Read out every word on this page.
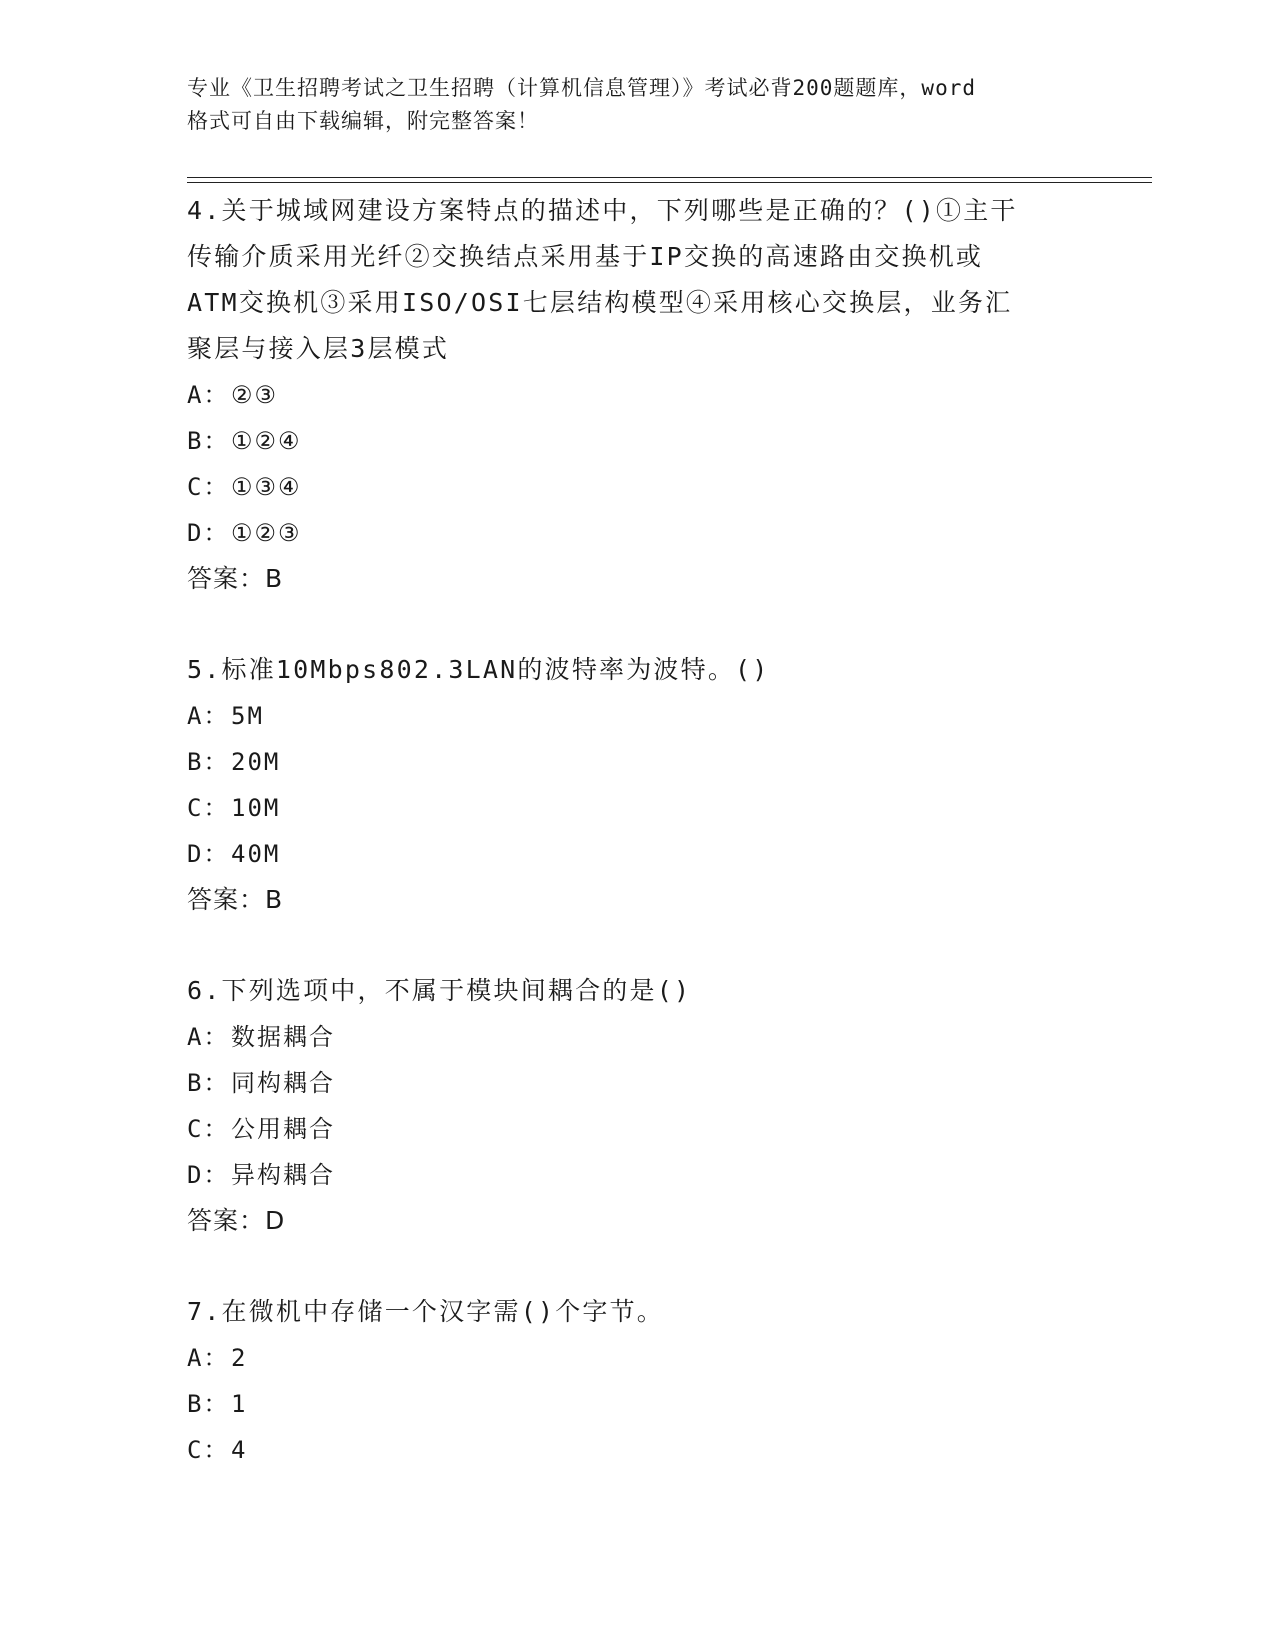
专业《卫生招聘考试之卫生招聘（计算机信息管理）》考试必背200题题库，word
格式可自由下载编辑，附完整答案！
4.关于城域网建设方案特点的描述中，下列哪些是正确的？()①主干
传输介质采用光纤②交换结点采用基于IP交换的高速路由交换机或
ATM交换机③采用ISO/OSI七层结构模型④采用核心交换层，业务汇
聚层与接入层3层模式
A：②③
B：①②④
C：①③④
D：①②③
答案：B
5.标准10Mbps802.3LAN的波特率为波特。()
A：5M
B：20M
C：10M
D：40M
答案：B
6.下列选项中，不属于模块间耦合的是()
A：数据耦合
B：同构耦合
C：公用耦合
D：异构耦合
答案：D
7.在微机中存储一个汉字需()个字节。
A：2
B：1
C：4
